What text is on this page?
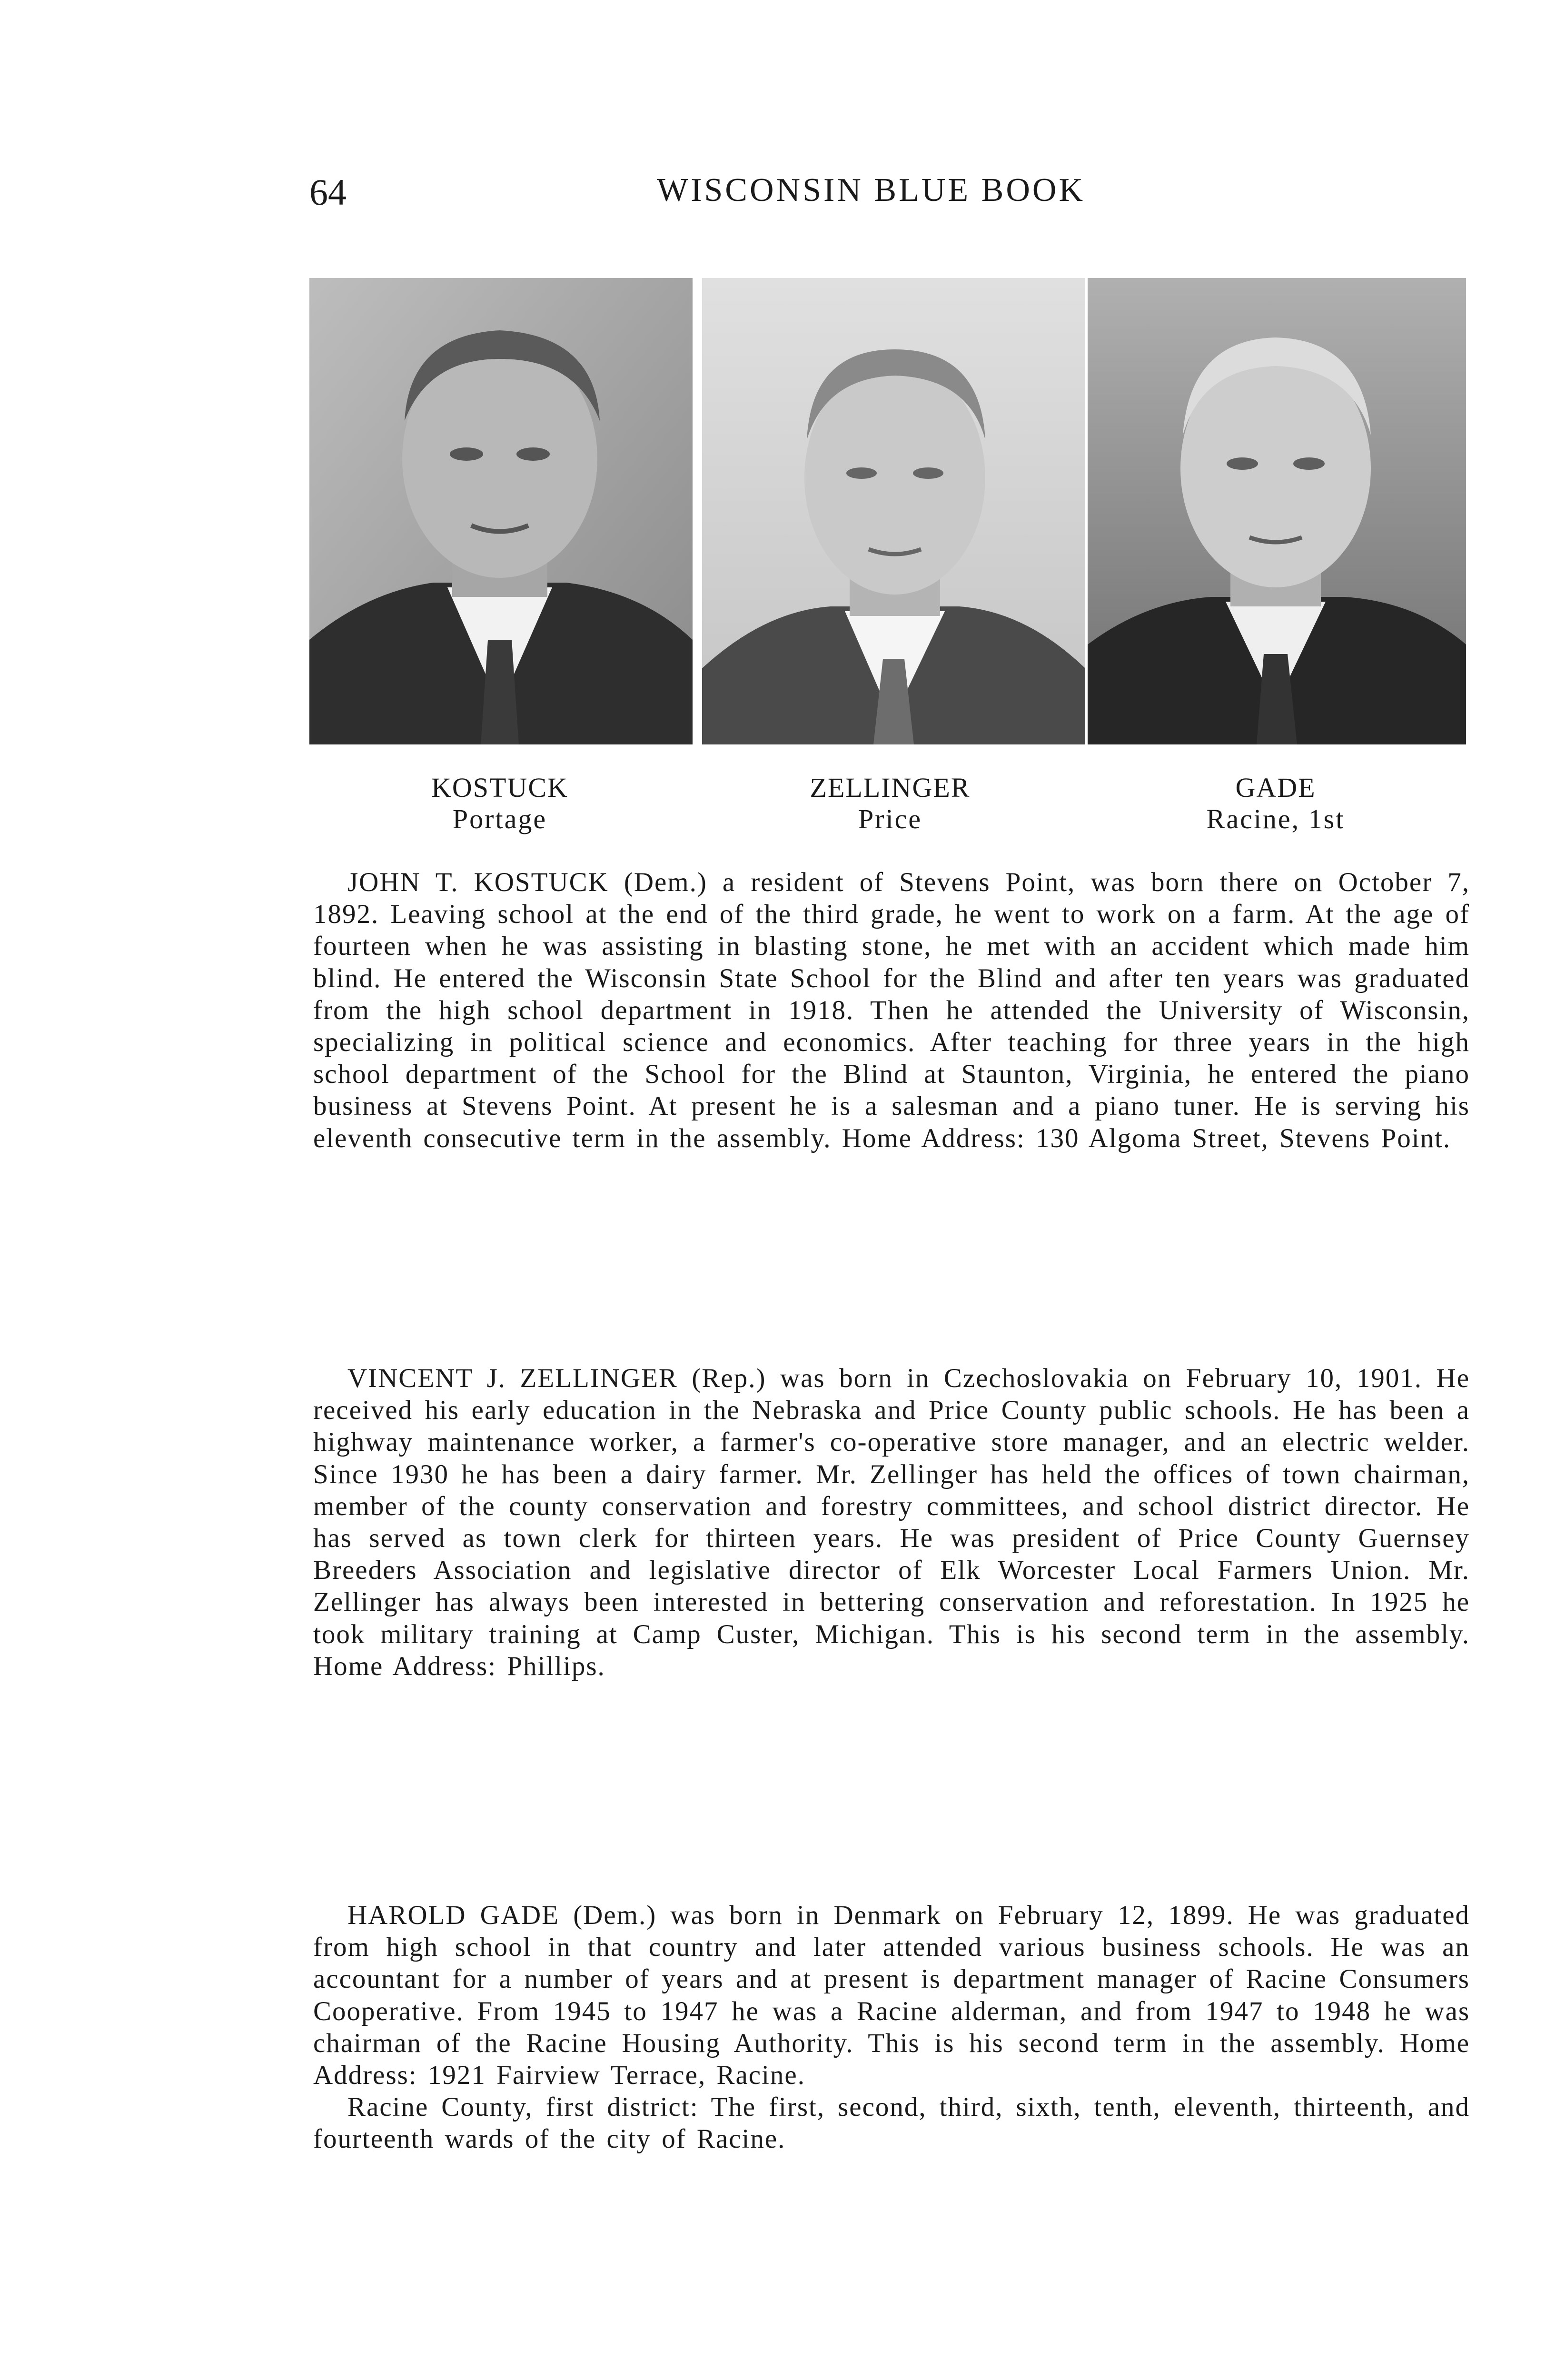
64	WISCONSIN BLUE BOOK
KOSTUCK
Portage
ZELLINGER
Price
GADE
Racine, 1st

JOHN T. KOSTUCK (Dem.) a resident of Stevens Point, was born there on October 7, 1892. Leaving school at the end of the third grade, he went to work on a farm. At the age of fourteen when he was assisting in blasting stone, he met with an accident which made him blind. He entered the Wisconsin State School for the Blind and after ten years was graduated from the high school department in 1918. Then he attended the University of Wisconsin, specializing in political science and economics. After teaching for three years in the high school department of the School for the Blind at Staunton, Virginia, he entered the piano business at Stevens Point. At present he is a salesman and a piano tuner. He is serving his eleventh consecutive term in the assembly. Home Address: 130 Algoma Street, Stevens Point.

VINCENT J. ZELLINGER (Rep.) was born in Czechoslovakia on February 10, 1901. He received his early education in the Nebraska and Price County public schools. He has been a highway maintenance worker, a farmer's co-operative store manager, and an electric welder. Since 1930 he has been a dairy farmer. Mr. Zellinger has held the offices of town chairman, member of the county conservation and forestry committees, and school district director. He has served as town clerk for thirteen years. He was president of Price County Guernsey Breeders Association and legislative director of Elk Worcester Local Farmers Union. Mr. Zellinger has always been interested in bettering conservation and reforestation. In 1925 he took military training at Camp Custer, Michigan. This is his second term in the assembly. Home Address: Phillips.

HAROLD GADE (Dem.) was born in Denmark on February 12, 1899. He was graduated from high school in that country and later attended various business schools. He was an accountant for a number of years and at present is department manager of Racine Consumers Cooperative. From 1945 to 1947 he was a Racine alderman, and from 1947 to 1948 he was chairman of the Racine Housing Authority. This is his second term in the assembly. Home Address: 1921 Fairview Terrace, Racine.

Racine County, first district: The first, second, third, sixth, tenth, eleventh, thirteenth, and fourteenth wards of the city of Racine.
